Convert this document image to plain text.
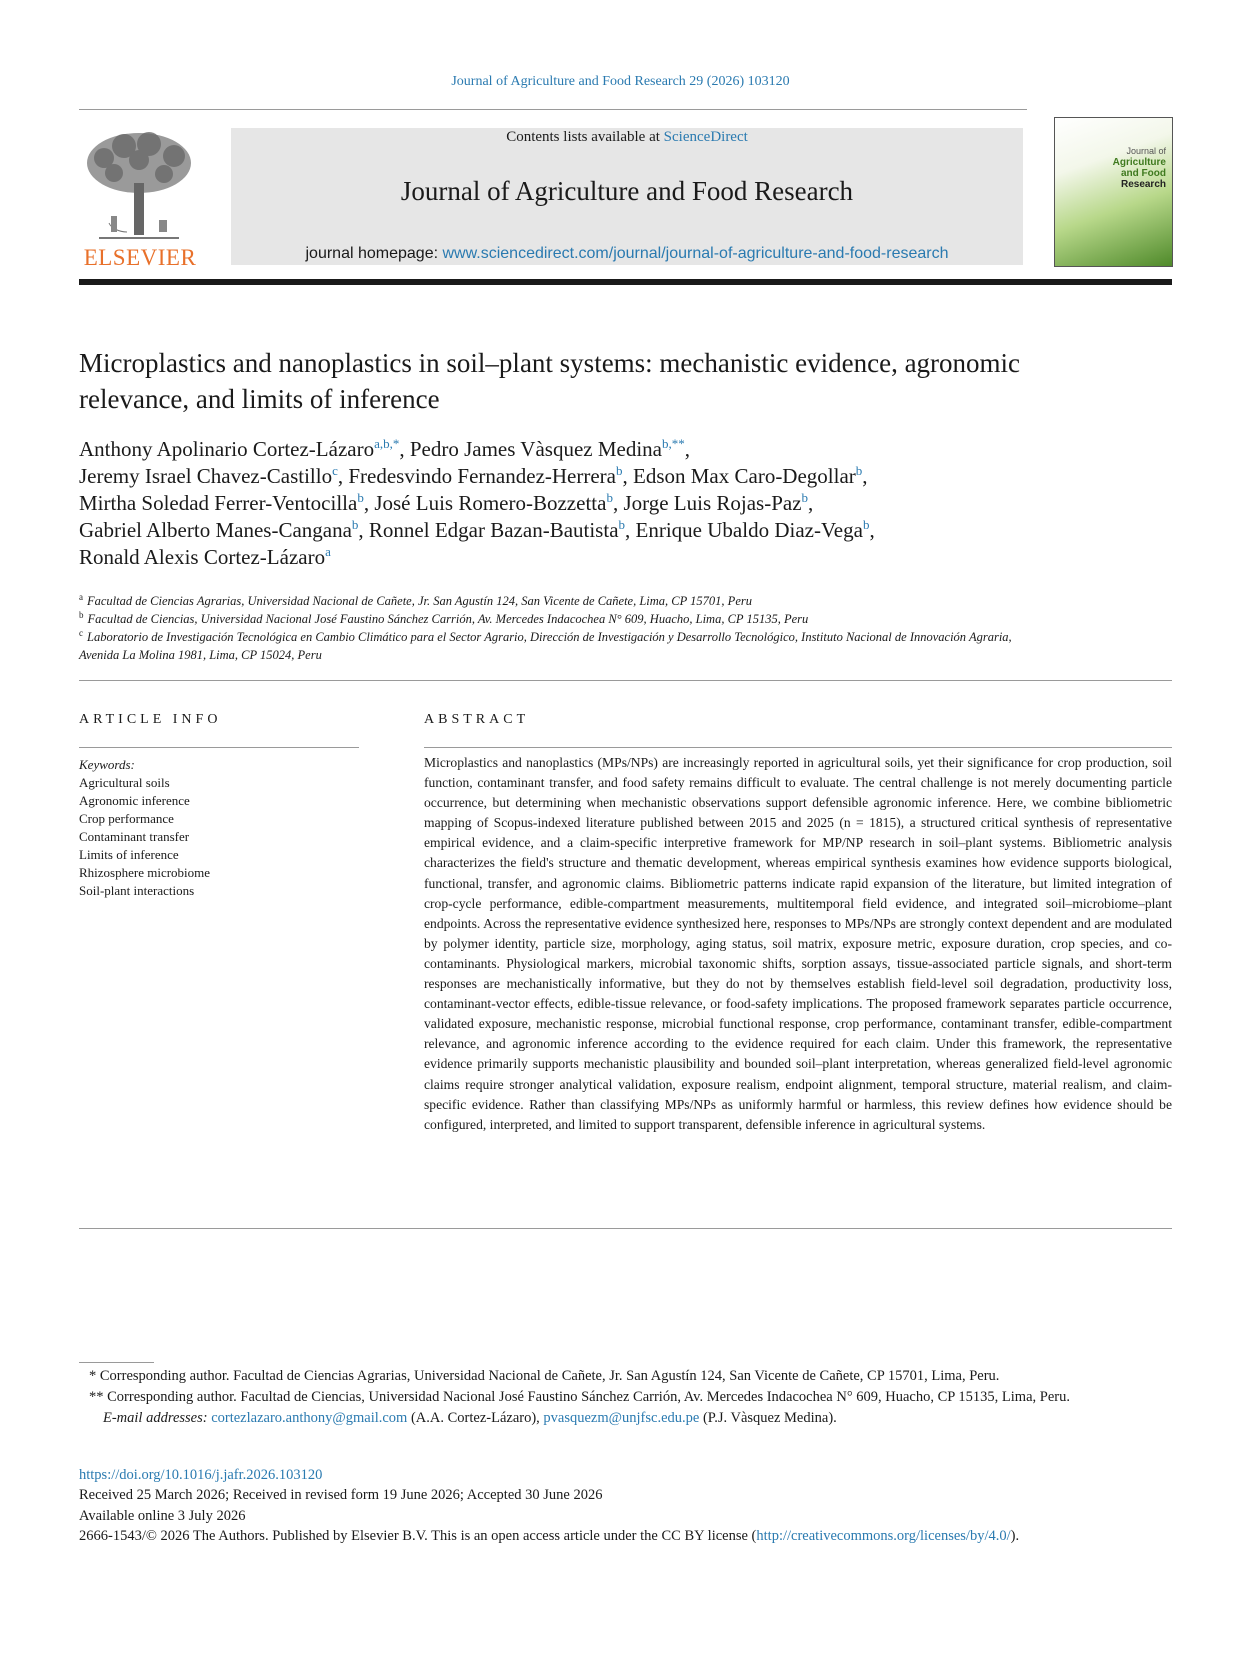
Journal of Agriculture and Food Research 29 (2026) 103120
ELSEVIER
Contents lists available at ScienceDirect
Journal of Agriculture and Food Research
journal homepage: www.sciencedirect.com/journal/journal-of-agriculture-and-food-research
Journal of
Agriculture
and Food
Research
Microplastics and nanoplastics in soil–plant systems: mechanistic evidence, agronomic relevance, and limits of inference
Anthony Apolinario Cortez-Lázaro$^{a,b,*}$, Pedro James Vàsquez Medina$^{b,**}$,
Jeremy Israel Chavez-Castillo$^c$, Fredesvindo Fernandez-Herrera$^b$, Edson Max Caro-Degollar$^b$,
Mirtha Soledad Ferrer-Ventocilla$^b$, José Luis Romero-Bozzetta$^b$, Jorge Luis Rojas-Paz$^b$,
Gabriel Alberto Manes-Cangana$^b$, Ronnel Edgar Bazan-Bautista$^b$, Enrique Ubaldo Diaz-Vega$^b$,
Ronald Alexis Cortez-Lázaro$^a$

$^a$ Facultad de Ciencias Agrarias, Universidad Nacional de Cañete, Jr. San Agustín 124, San Vicente de Cañete, Lima, CP 15701, Peru

$^b$ Facultad de Ciencias, Universidad Nacional José Faustino Sánchez Carrión, Av. Mercedes Indacochea N° 609, Huacho, Lima, CP 15135, Peru

$^c$ Laboratorio de Investigación Tecnológica en Cambio Climático para el Sector Agrario, Dirección de Investigación y Desarrollo Tecnológico, Instituto Nacional de Innovación Agraria, Avenida La Molina 1981, Lima, CP 15024, Peru

ARTICLE INFO	ABSTRACT
Keywords:
Agricultural soils
Agronomic inference
Crop performance
Contaminant transfer
Limits of inference
Rhizosphere microbiome
Soil-plant interactions

Microplastics and nanoplastics (MPs/NPs) are increasingly reported in agricultural soils, yet their significance for crop production, soil function, contaminant transfer, and food safety remains difficult to evaluate. The central challenge is not merely documenting particle occurrence, but determining when mechanistic observations support defensible agronomic inference. Here, we combine bibliometric mapping of Scopus-indexed literature published between 2015 and 2025 (n = 1815), a structured critical synthesis of representative empirical evidence, and a claim-specific interpretive framework for MP/NP research in soil–plant systems. Bibliometric analysis characterizes the field's structure and thematic development, whereas empirical synthesis examines how evidence supports biological, functional, transfer, and agronomic claims. Bibliometric patterns indicate rapid expansion of the literature, but limited integration of crop-cycle performance, edible-compartment measurements, multitemporal field evidence, and integrated soil–microbiome–plant endpoints. Across the representative evidence synthesized here, responses to MPs/NPs are strongly context dependent and are modulated by polymer identity, particle size, morphology, aging status, soil matrix, exposure metric, exposure duration, crop species, and co-contaminants. Physiological markers, microbial taxonomic shifts, sorption assays, tissue-associated particle signals, and short-term responses are mechanistically informative, but they do not by themselves establish field-level soil degradation, productivity loss, contaminant-vector effects, edible-tissue relevance, or food-safety implications. The proposed framework separates particle occurrence, validated exposure, mechanistic response, microbial functional response, crop performance, contaminant transfer, edible-compartment relevance, and agronomic inference according to the evidence required for each claim. Under this framework, the representative evidence primarily supports mechanistic plausibility and bounded soil–plant interpretation, whereas generalized field-level agronomic claims require stronger analytical validation, exposure realism, endpoint alignment, temporal structure, material realism, and claim-specific evidence. Rather than classifying MPs/NPs as uniformly harmful or harmless, this review defines how evidence should be configured, interpreted, and limited to support transparent, defensible inference in agricultural systems.

* Corresponding author. Facultad de Ciencias Agrarias, Universidad Nacional de Cañete, Jr. San Agustín 124, San Vicente de Cañete, CP 15701, Lima, Peru.

** Corresponding author. Facultad de Ciencias, Universidad Nacional José Faustino Sánchez Carrión, Av. Mercedes Indacochea N° 609, Huacho, CP 15135, Lima, Peru.

E-mail addresses: cortezlazaro.anthony@gmail.com (A.A. Cortez-Lázaro), pvasquezm@unjfsc.edu.pe (P.J. Vàsquez Medina).

https://doi.org/10.1016/j.jafr.2026.103120

Received 25 March 2026; Received in revised form 19 June 2026; Accepted 30 June 2026

Available online 3 July 2026

2666-1543/© 2026 The Authors. Published by Elsevier B.V. This is an open access article under the CC BY license (http://creativecommons.org/licenses/by/4.0/).
